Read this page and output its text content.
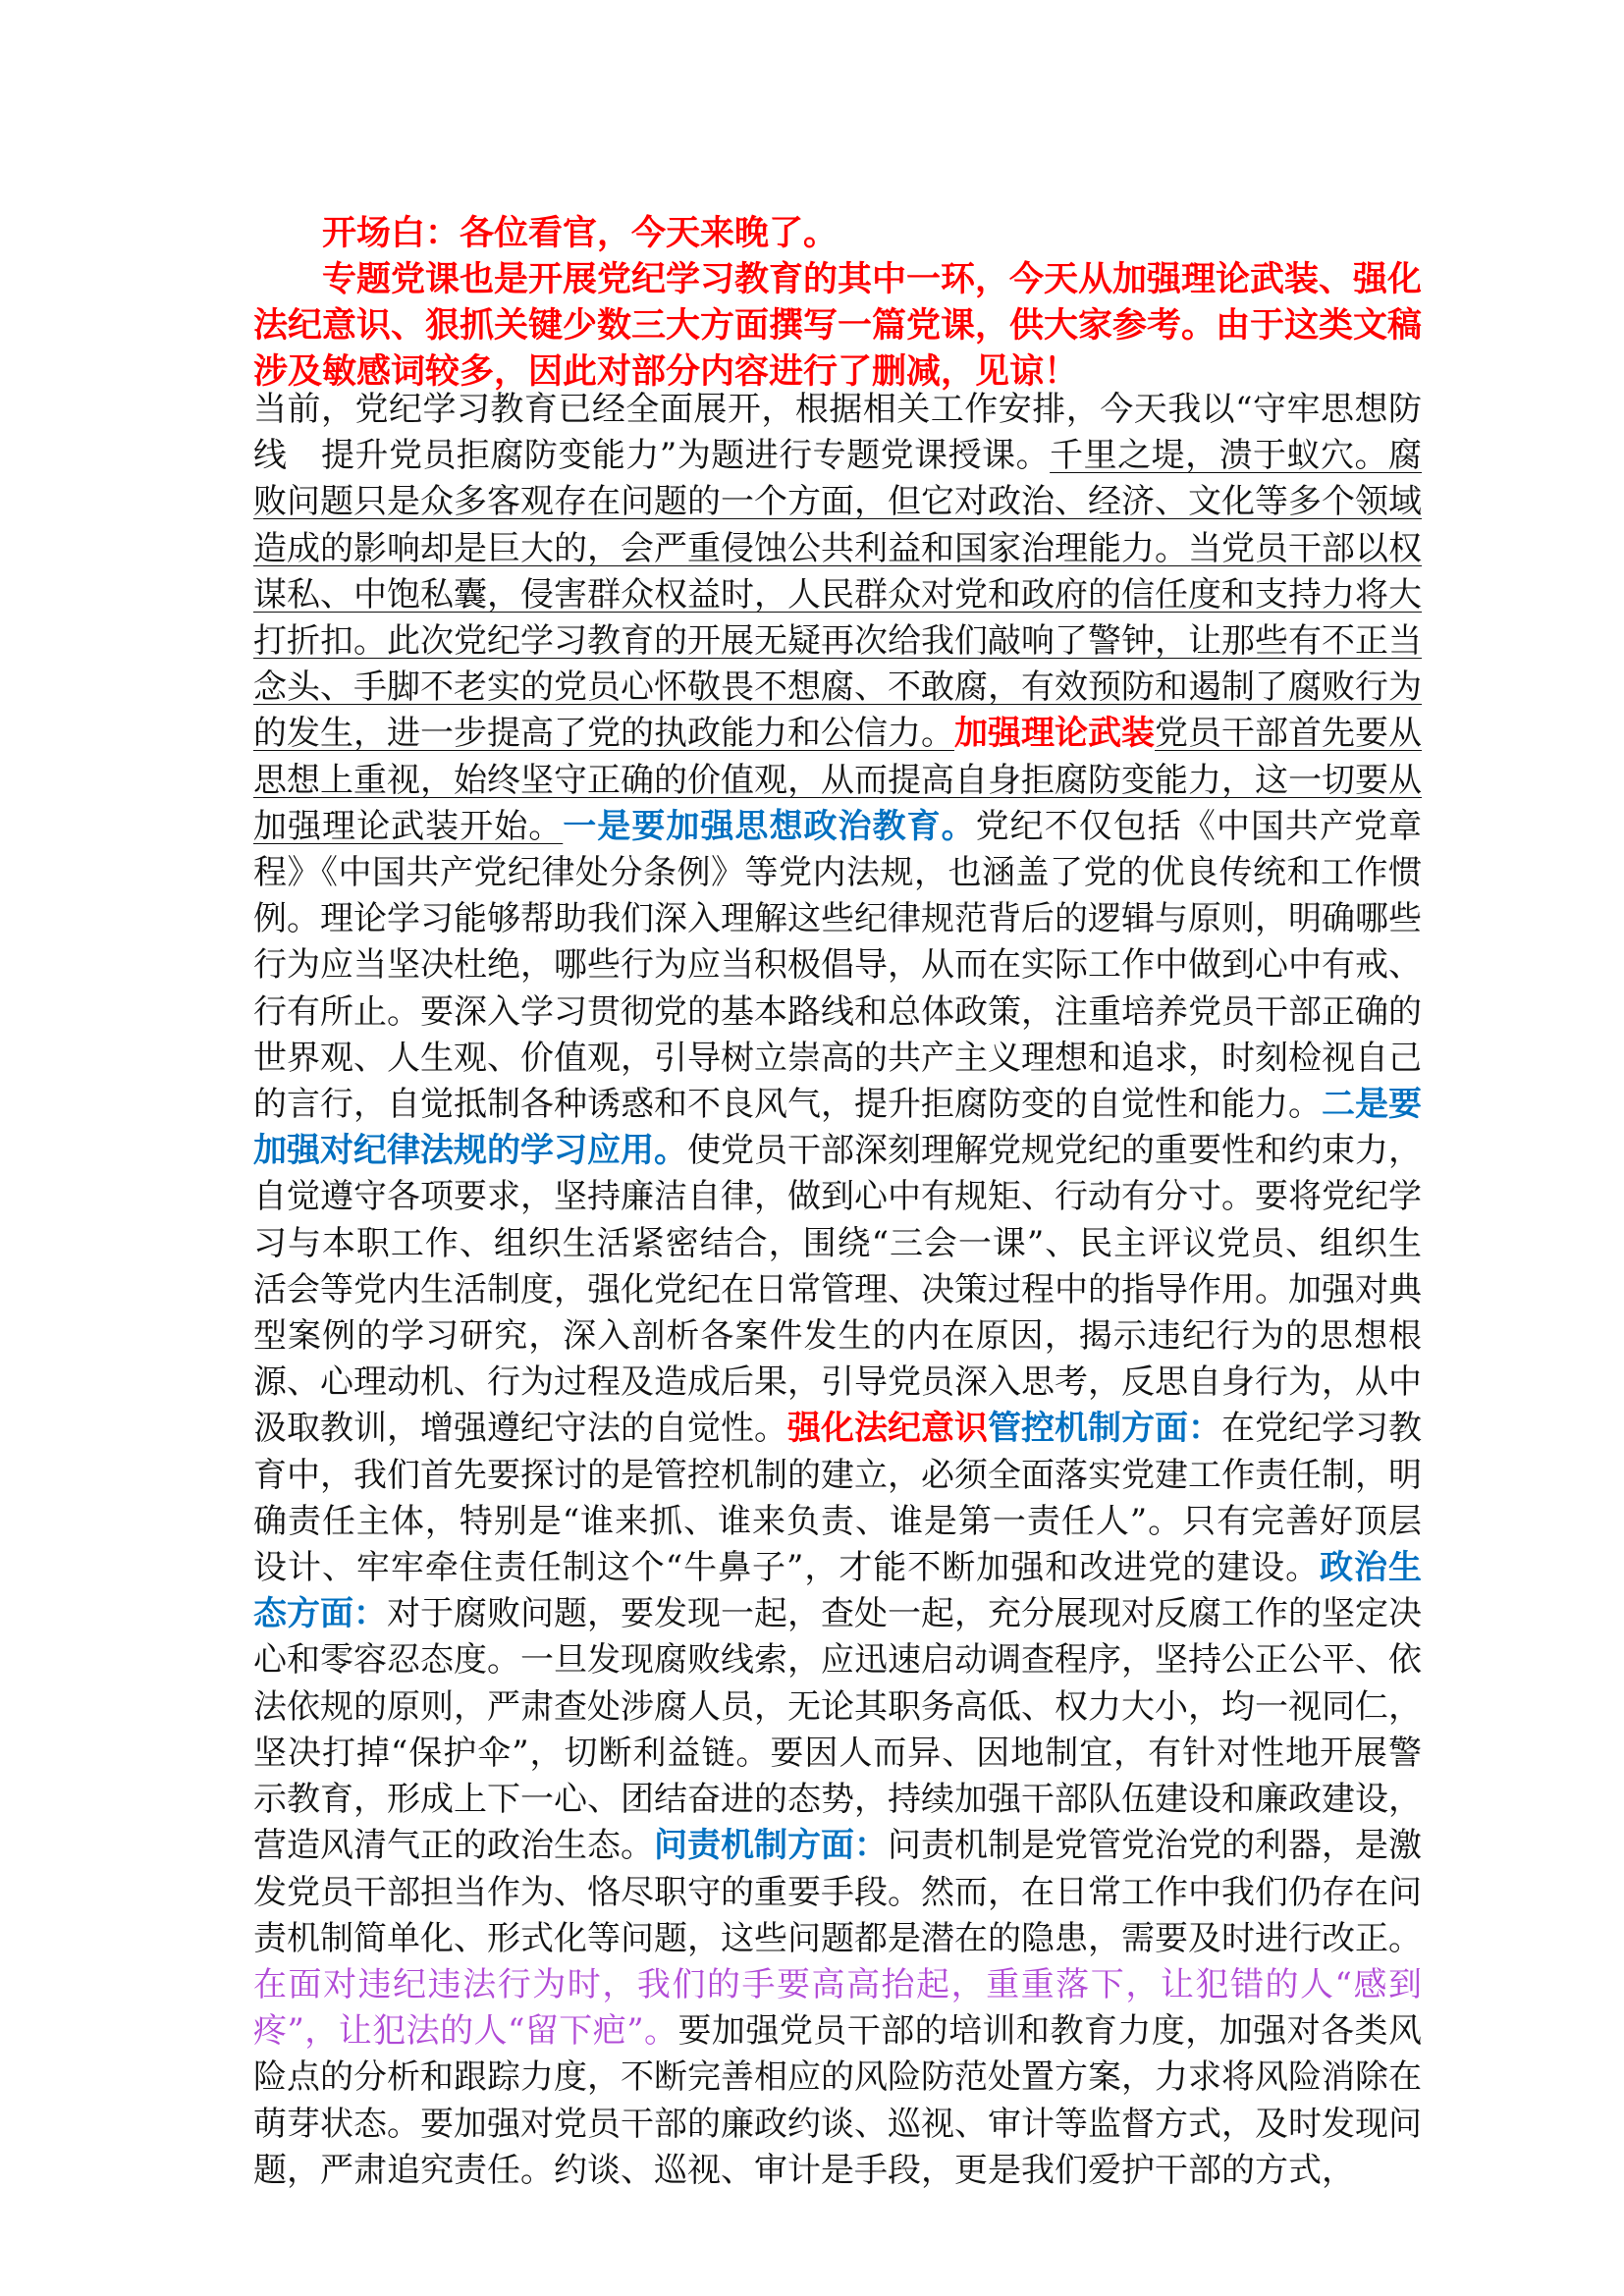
开场白：各位看官，今天来晚了。

专题党课也是开展党纪学习教育的其中一环，今天从加强理论武装、强化法纪意识、狠抓关键少数三大方面撰写一篇党课，供大家参考。由于这类文稿涉及敏感词较多，因此对部分内容进行了删减，见谅！

当前，党纪学习教育已经全面展开，根据相关工作安排，今天我以“守牢思想防线　提升党员拒腐防变能力”为题进行专题党课授课。千里之堤，溃于蚁穴。腐败问题只是众多客观存在问题的一个方面，但它对政治、经济、文化等多个领域造成的影响却是巨大的，会严重侵蚀公共利益和国家治理能力。当党员干部以权谋私、中饱私囊，侵害群众权益时，人民群众对党和政府的信任度和支持力将大打折扣。此次党纪学习教育的开展无疑再次给我们敲响了警钟，让那些有不正当念头、手脚不老实的党员心怀敬畏不想腐、不敢腐，有效预防和遏制了腐败行为的发生，进一步提高了党的执政能力和公信力。加强理论武装党员干部首先要从思想上重视，始终坚守正确的价值观，从而提高自身拒腐防变能力，这一切要从加强理论武装开始。一是要加强思想政治教育。党纪不仅包括《中国共产党章程》《中国共产党纪律处分条例》等党内法规，也涵盖了党的优良传统和工作惯例。理论学习能够帮助我们深入理解这些纪律规范背后的逻辑与原则，明确哪些行为应当坚决杜绝，哪些行为应当积极倡导，从而在实际工作中做到心中有戒、行有所止。要深入学习贯彻党的基本路线和总体政策，注重培养党员干部正确的世界观、人生观、价值观，引导树立崇高的共产主义理想和追求，时刻检视自己的言行，自觉抵制各种诱惑和不良风气，提升拒腐防变的自觉性和能力。二是要加强对纪律法规的学习应用。使党员干部深刻理解党规党纪的重要性和约束力，自觉遵守各项要求，坚持廉洁自律，做到心中有规矩、行动有分寸。要将党纪学习与本职工作、组织生活紧密结合，围绕“三会一课”、民主评议党员、组织生活会等党内生活制度，强化党纪在日常管理、决策过程中的指导作用。加强对典型案例的学习研究，深入剖析各案件发生的内在原因，揭示违纪行为的思想根源、心理动机、行为过程及造成后果，引导党员深入思考，反思自身行为，从中汲取教训，增强遵纪守法的自觉性。强化法纪意识管控机制方面：在党纪学习教育中，我们首先要探讨的是管控机制的建立，必须全面落实党建工作责任制，明确责任主体，特别是“谁来抓、谁来负责、谁是第一责任人”。只有完善好顶层设计、牢牢牵住责任制这个“牛鼻子”，才能不断加强和改进党的建设。政治生态方面：对于腐败问题，要发现一起，查处一起，充分展现对反腐工作的坚定决心和零容忍态度。一旦发现腐败线索，应迅速启动调查程序，坚持公正公平、依法依规的原则，严肃查处涉腐人员，无论其职务高低、权力大小，均一视同仁，坚决打掉“保护伞”，切断利益链。要因人而异、因地制宜，有针对性地开展警示教育，形成上下一心、团结奋进的态势，持续加强干部队伍建设和廉政建设，营造风清气正的政治生态。问责机制方面：问责机制是党管党治党的利器，是激发党员干部担当作为、恪尽职守的重要手段。然而，在日常工作中我们仍存在问责机制简单化、形式化等问题，这些问题都是潜在的隐患，需要及时进行改正。在面对违纪违法行为时，我们的手要高高抬起，重重落下，让犯错的人“感到疼”，让犯法的人“留下疤”。要加强党员干部的培训和教育力度，加强对各类风险点的分析和跟踪力度，不断完善相应的风险防范处置方案，力求将风险消除在萌芽状态。要加强对党员干部的廉政约谈、巡视、审计等监督方式，及时发现问题，严肃追究责任。约谈、巡视、审计是手段，更是我们爱护干部的方式，
